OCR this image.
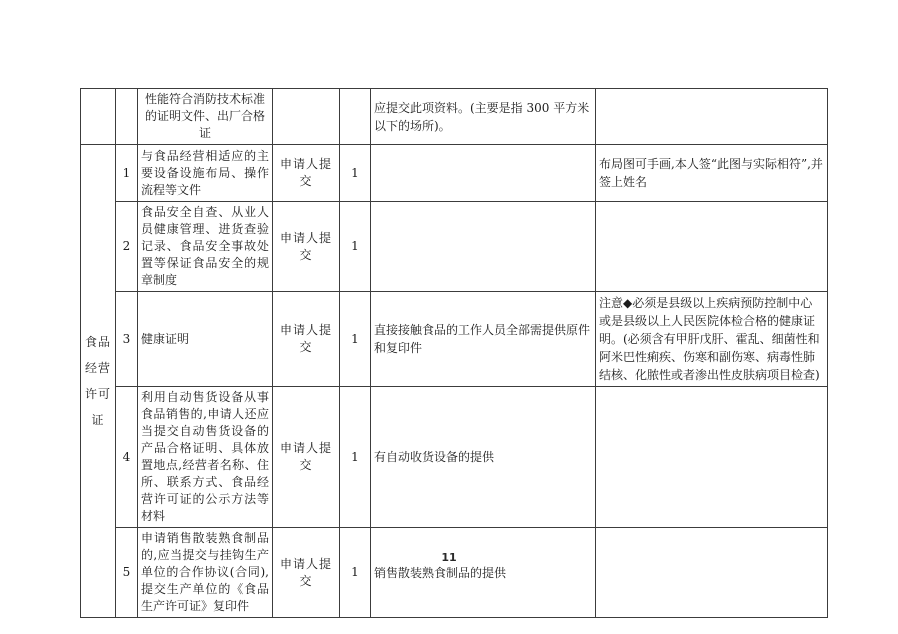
		性能符合消防技术标准的证明文件、出厂合格证			应提交此项资料。(主要是指 300 平方米以下的场所)。	
食品经营许可证	1	与食品经营相适应的主要设备设施布局、操作流程等文件	申请人提交	1		布局图可手画,本人签“此图与实际相符”,并签上姓名
	2	食品安全自查、从业人员健康管理、进货查验记录、食品安全事故处置等保证食品安全的规章制度	申请人提交	1		
	3	健康证明	申请人提交	1	直接接触食品的工作人员全部需提供原件和复印件	注意◆必须是县级以上疾病预防控制中心或是县级以上人民医院体检合格的健康证明。(必须含有甲肝戊肝、霍乱、细菌性和阿米巴性痢疾、伤寒和副伤寒、病毒性肺结核、化脓性或者渗出性皮肤病项目检查)
	4	利用自动售货设备从事食品销售的,申请人还应当提交自动售货设备的产品合格证明、具体放置地点,经营者名称、住所、联系方式、食品经营许可证的公示方法等材料	申请人提交	1	有自动收货设备的提供	
	5	申请销售散装熟食制品的,应当提交与挂钩生产单位的合作协议(合同),提交生产单位的《食品生产许可证》复印件	申请人提交	1	销售散装熟食制品的提供	
11
